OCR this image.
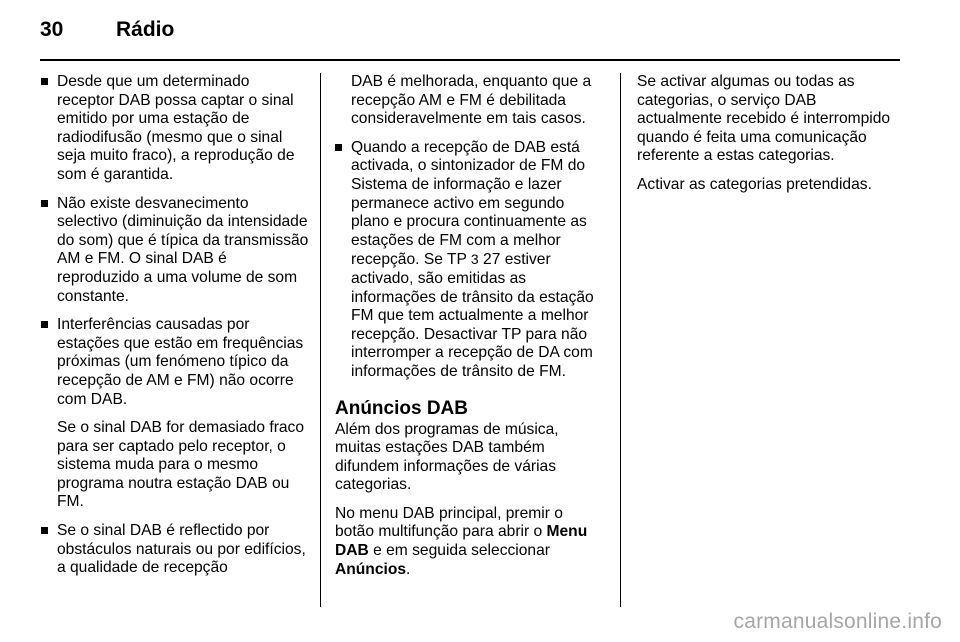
30	Rádio
Desde que um determinado receptor DAB possa captar o sinal emitido por uma estação de radiodifusão (mesmo que o sinal seja muito fraco), a reprodução de som é garantida.
Não existe desvanecimento selectivo (diminuição da intensidade do som) que é típica da transmissão AM e FM. O sinal DAB é reproduzido a uma volume de som constante.
Interferências causadas por estações que estão em frequências próximas (um fenómeno típico da recepção de AM e FM) não ocorre com DAB.
Se o sinal DAB for demasiado fraco para ser captado pelo receptor, o sistema muda para o mesmo programa noutra estação DAB ou FM.
Se o sinal DAB é reflectido por obstáculos naturais ou por edifícios, a qualidade de recepção
DAB é melhorada, enquanto que a recepção AM e FM é debilitada consideravelmente em tais casos.
Quando a recepção de DAB está activada, o sintonizador de FM do Sistema de informação e lazer permanece activo em segundo plano e procura continuamente as estações de FM com a melhor recepção. Se TP 3 27 estiver activado, são emitidas as informações de trânsito da estação FM que tem actualmente a melhor recepção. Desactivar TP para não interromper a recepção de DA com informações de trânsito de FM.
Anúncios DAB
Além dos programas de música, muitas estações DAB também difundem informações de várias categorias.
No menu DAB principal, premir o botão multifunção para abrir o Menu DAB e em seguida seleccionar Anúncios.
Se activar algumas ou todas as categorias, o serviço DAB actualmente recebido é interrompido quando é feita uma comunicação referente a estas categorias.
Activar as categorias pretendidas.
carmanualsonline.info
